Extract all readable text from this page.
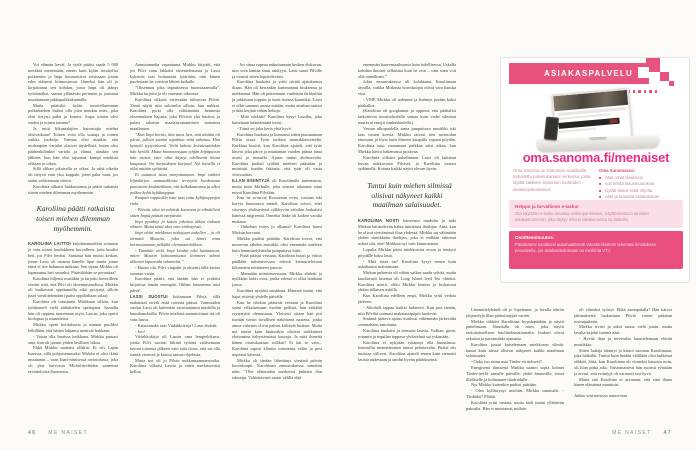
Voi elämän kevät. Ja vielä pitäisi saada 5 000 merkkiä menemään, ennen kuin kylän tavoitellut poikamies ja Impi huomaisivat toisissaan jotain edes etäisesti kiinnostavaa. Onneksi hän oli jo kirjoittanut sen kohdan, jossa Impi oli jäänyt työttömäksi, saanut yllättävän perinnön ja joutunut muuttamaan pikkupaikkakunnalle.

Mutta pitäisikö kylän tavoitelluimman poikamiehen lisäksi olla joku muukin mies, joka olisi tietysti pitkä ja komea. Jospa toinen olisi vaalea ja toinen tumma?

Ja mitä liikuntalajien harrastajia miehet olisivatkaan? Toinen voisi olla soutaja ja toinen vaikka juoksija. Varmaa olisi ainakin, että molempien vartalot olisivat täydellisiä, kuten olisi päähenkilönkin vartalo ja elämä, ainakin sen jälkeen, kun hän olisi tajunnut, kumpi miehistä olikaan se oikea.

Sillä olihan jokaisella se oikea. Ja niitä oikeita oli tietysti vain yksi kappale, joten paha vaan, jos sattui valitsemaan väärin.

Karoliina vilkaisi hääkuvaansa ja päätti ratkaista toisen miehen dilemman myöhemmin.

Karoliina päätti ratkaista toisen miehen dilemman myöhemmin.

KAROLIINA LAITTOI kirjoitusmusiikin soimaan ja vain toisen kuulokkeen korvalleen, jotta kuulisi heti, jos Pilvi heräisi. Samassa hän muisti keikan, jonne Lassi oli ostanut hänelle liput mutta jonne tämä ei itse halunnut mukaan. Sen sijaan Mirkku oli lupautunut heti seuraksi. Pitäisiköhän se peruuttaa?

Karoliina hiljensi musiikin ja kirjoitti kaverilleen viestin siitä, että Pilvi oli oksennustaudissa. Mirkku oli luultavasti oppitunnilla eikä pystynyt silloin juuri viestittelemään (paitsi oppilailtaan salaa).

Karoliina oli tutustunut Mirkkuun silloin, kun työskenteli vielä äidinkielen opettajana. Samalla hän oli oppinut tuntemaan myös Lassin, joka opetti biologiaa ja maantietoa.

Mirkku opetti kotitaloutta ja manasi puoliksi leikillään, että hänen lahjansa menivät hukkaan.

- Voisin olla Inarissa keikkana, Mirkku paasasi aina, kun oli juonut yhden lasillisen liikaa.

Ehkä Mirkku saattaisi ollakin. Ei siis Lapin Inarissa, sillä pohjoisemmaksi Mirkku ei olisi ikinä muuttanut – vaan Inari-nimisessä ravintolassa, joka oli yksi harvoista Michelin-tähden saaneista ravintoloista Suomessa.

Aamutunnelta vapautunut Mirkku kirjoitti, että jos Pilvi vaan lakkaisi oksentelemasta ja Lassi kykenisi taas hoitamaan tytärtään, niin hänen puolestaan he voisivat lähteä keikalle.

”Oksennan joka tapauksessa huomisaamulla”, Mirkku kirjoitti ja oli varmasti oikeassa.

Karoliina vilkaisi vieressään tuhisevaa Pilviä. Tämä näytti niin suloiselta silloin, kun nukkui. Karoliina pyrki olla välittämättä hennosta oksennuksen hajusta, joka Pilvistä yhä huokui, ja palasi takaisin maalaisromanttisen tarinansa maailmaan.

”Kun Impi heräsi, hän tunsi heti, että tänään oli päivä, jolloin saattoi tapahtua mitä tahansa. Hän hymyili tyytyväisenä. Vielä kahvia keittäessäänkin hän hyräili. Mutta huomatessaan tyhjän leipäpussin hän muisti, ettei ollut käynyt edellisenä iltana kaupassa. Voi kurjuuksien kurjuus! Nyt hänellä ei ollut mitään syötävää.

Ei auttanut istua murjottamaan. Impi vaihtoi liljankirjon aamutakkinsa terveyttä huokuvaan punaiseen kesämekkoon, otti kulkukaaransa ja alkoi polkea kohti kyläkauppaa.

Kaupan rappusilla istui taas tuttu kyläjuoppojen rinki.

- Päivää, ukot tervehtivät kuorossa ja silmäilivät sitten Impiä päästä varpaisiin.

Impi pysähtyi ja katsoi jokaista ukkoa tiukasti silmiin. Mutta tästä ukot vain virkistyivät.

Impi ohitti miekkoset niskojaan nakellen – ja oli törmätä Mauriin, joka sai hänet aina hermostumaan pelkällä olemassaolollaan.

- Tämäkin vielä, Impi kivahti eikä huomannut, miten Maurin kohtaamisesta iloinneet silmät alkoivat kipunoida salamoita.”

- Huono olo, Pilvi vingahti ja oksensi tällä kertaa suoraan vatiin.

Karoliina päätti, että tänään hän ei yrittäisi kirjoittaa tämän enempää. Olihan huomenna uusi päivä!

LASSI SUOSTUI hoitamaan Pilviä, sillä mahatauti oireili enää toisesta päästä. Varmuuden vuoksi Lassi oli kuitenkin varustautunut maskilla ja kumihanskoilla. Pilvin mielestä naamioitunut isä oli vain hassu.

- Katsotaanko taas Viidakkokirja? Lassi ehdotti.

- Joo!

Viidakkokirja oli Lassin oma lempielokuva, jonka Pilvi suostui kiltinä tyttönä valitsemaan kerran toisensa jälkeen vain siitä ilosta, että sai olla isänsä vieressä ja katsoa samaa ohjelmaa.

Mutta nyt oli jo Pilvin nukkumaanmenoaika. Karoliina vilkaisi Lassia ja sitten merkitsevästi kelloa.

- Jos sinua rupeaa nukuttamaan kesken elokuvan, niin voin kantaa sinut sänkyyn, Lassi sanoi Pilville ja virnisti sitten lepyttelevästi.

Karoliina huokaisi ja yritti siirtää ajatuksensa iltaan. Hän oli kerrankin kammannut hiuksensa ja meikannut. Hän oli pukeutunut vaaleisiin farkkuihin ja juhlavaan toppiin ja tunsi itsensä kauniiksi. Lassi ei ollut sanonut asusta mitään, mutta ainahan saattoi yrittää kerjätä vähän kehuja.

- Mitä tykkäät? Karoliina kysyi Lassilta, joka katsettaan kääntämättä totesi:

- Tämä on joka kerta yhtä hyvä.

Karoliina huokaisi ja kumartui sitten pussaamaan Pilvin otsaa. Tytär tuoksui mansikkavoiteelta. Kurkkua kuristi, kun Karoliina ajatteli, että tytär kasvoi joka päivä ja muutaman vuoden päästä tämä asuisi jo muualla. Ajatus tuntui ahdistavalta. Karoliina pudisti työläät mietteet päästään ja muistutti itseään faktasta, että tytär oli vasta viisivuotias.

ILLAN ESIINTYJÄ oli Karoliinalle tuntematon, mutta tuttu Mirkulle, joka seurasi aikaansa siinä missä Karoliina Pilviään.

Kun he avasivat Roostersin oven, vastaan iski korvia huumaava meteli. Karoliina toivoi, ettei väsymys yhdistettynä välkkyviin valoihin laukaisisi hänessä migreeniä. Onneksi lääke oli kaiken varalta mukana.

- Onkohan esitys jo alkanut? Karoliina huusi Mirkun korvaan.

Mirkku pudisti päätään. Karoliina toivoi, että nousevan tähden musiikki olisi enemmän mieleen kuin lämmittelybändin jumputtava biitti.

- Pitää päästä vessaan, Karoliina huusi ja viittoi päällään naistenvessan edessä kiemurtelevaan kilometrin mittaiseen jonoon.

- Mennään miestenvessaan, Mirkku ehdotti ja nyökkäsi kohti ovea, jonka edessä ei ollut lainkaan jonoa.

Karoliina nyrpisti nenäänsä. Hänestä tuntui, että hajut riittivät yhdelle päivälle.

Kun he vihdoin pääsivät vessaan ja Karoliina sattui vilkaisemaan itseään peilistä, hän säikähti ryytynyttä olemustaan. Yleisesti ottaen hän piti itseään varsin tavallisen näköisenä naisena, jonka ainoa vahvuus olivat paksut kiiltävät hiukset. Mutta nyt tuntui kuin hiuksetkin olisivat roikkuneet elottomina kehystämässä kasvoja. Ja mitä ihmettä hänen otsatukastaan roikkui? Ei kai se vain... Karoliina nipisti klöntin sormiensa väliin ja pesi nopeasti kätensä.

Mirkku oli tänään lähettänyt viestinä päivän horoskoopit. Karoliinan ennustuksessa sanottiin näin: ”Olet eläinradan merkeistä puhtain ilon edustaja. Valitettavasti saatat välillä elää

enemmän haavemaailmassa kuin todellisessa. Uskalla kohdata ihmiset sellaisina kuin he ovat – vain siten voit olla onnellinen.”

Jokin ennustuksessa oli kolahtanut Karoliinaan täysillä, vaikka Mirkusta horoskoopit olivat vain hauska vitsi.

- VMP, Mirkku oli todennut ja lisännyt perään kaksi pääkalloa.

(Karoliina oli googlannut ja oppinut, että pääkallot tarkoittivat nuorisokielellä samaa kuin vedet silmissä nauravat emojit vanhuskielellä.)

Vessan ulkopuolella sama jumputtava musiikki iski taas vasten korvia. Mirkku raivasi tien ravintolan etuosaan ja löysi kuin ihmeen kaupalla vapaan pöydän. Karoliina istui varaamaan paikkaa siksi aikaa, kun Mirkku kävisi hakemassa juotavaa.

Karoliina vilkaisi puhelintaan. Lassi oli laittanut kuvan nukkuvasta Pilvistä, ja Karoliina vastasi sydämellä. Kotona kaikki näytti olevan hyvin.

Tuntui kuin miehen silmissä olisivat näkyneet kaikki maailman salaisuudet.

KAROLIINA NOSTI katseensa ruudulta ja näki Mirkun hätistelevän kahta innokasta ihailijaa. Aina, kun he olivat viettämässä iltaa yhdessä, Mirkku sai vähintään yhden sinnikkään ihailijan, joka ei millään tahtonut uskoa sitä, ettei Mirkkua nyt vain kiinnostanut.

Lopulta Mirkku pääsi miekkosista eroon ja tönäytti pöydälle kaksi lasia.

- Mitä tässä on? Karoliina kysyi ennen kuin uskaltautui maistamaan.

Mirkun puheesta oli vähän vaikea saada selvää, mutta kuultavasti laseissa oli Long Island Iced Tea -drinkit. Karoliina mietti, oliko Mirkku kenties jo kiskaissut yhden tällaisen tiskillä.

Kun Karoliina edelleen empi, Mirkku yritti vedota järkeen:

- Alkoholi tappaa kaikki bakteerit. Kun juot tämän, niin Pilviltä saamasi mahatautipöpöt kuolevat.

Sinänsä järkevä ajatus kuulosti vähemmän järkevältä sammaltaen sanottuna.

Karoliina huokaisi ja siemaisi lasista. Vodkan, ginin, rommin ja tequilan tappava yhdistelmä sai yskimään.

Karoliina ei nykyään tykännyt olla humalassa: kontrollin menettäminen tuntui pelottavalta. Pitäisi siis muistaa välivesi, Karoliina ajatteli ennen kuin siemaisi lasista uudestaan ja unohti hyvän päätöksensä.

Lämmittelybändi oli jo lopettanut, ja lavalla tehtiin järjestelyjä illan pääesiintyjää varten.

Mirkku tökkäsi Karoliinaa kyynärpäähän ja näytti puhelintaan. Ruudulla oli mies, joka näytti tarkoituksellisen huolittelemattomalta: hiukset olivat sekaisin ja parransänki ajamatta.

Karoliina joutui katselemaan miekkosen silmiä: tuntui kuin niissä olisivat näkyneet kaikki maailman salaisuudet.

- Onko tuo sinun uusi Tinder-virityksesi?

Energisenä ihmisenä Mirkku saattoi sopia kolmet Tinder-treffit samalle päivälle: yhdet brunssille, toiset illalliselle ja kolmannet iltadrinkille.

Nyt Mirkku kuitenkin pudisti päätään.

- Olen kyllästynyt miehiin, Mirkku sammalsi. - Tiedätkö? Pliääh.

Karoliina yritti vastata, mutta kieli tuntui yllättävän paksulta. Hän ei muistanut, milloin

oli viimeksi syönyt. Ehkä aamupalalla? Hän kaivoi jättimäisestä laukustaan Pilviä varten pakatun rusinapaketin.

Mirkku irvisti ja aikoi sanoa vielä jotain, mutta lavalta kajahti tumma ääni:

- Hyvää iltaa ja tervetuloa kuuntelemaan elävää musiikkia.

Sitten laulaja kääntyi ja katsoi suoraan Karoliinaan, joka häikähti. Tuntui kuin heidän välillään olisi kulkenut sähköä. Siitä, kun Karoliinaa oli viimeksi katsottu noin, oli liian pitkä aika. Vaistomaisesti hän suoristi ryhtiään ja arvasi, että esiintyjä oli varmasti tosi hyvä.

Mutta sitä Karoliina ei arvannut, että sinä iltana hänen elämänsä muuttuisi.

Jatkuu seuraavassa numerossa

ASIAKASPALVELU
oma.sanoma.fi/menaiset
Oma Sanoma on Sanoman asiakkaille tarkoitettu palvelukanava verkossa, josta löydät kaikkien Sanoman tuotteiden asiakaspalvelusivut.
Oma Sanomassa:
■ näet omat tilauksesi
■ voit tehdä tilausmuutoksia
■ löydät tietoa sekä ohjeita
■ näet ja lunastat asiakasetusi
Helppo ja turvallinen e-lasku!
Ota käyttöön e-lasku omassa verkkopankissasi. Käyttöönottoon tarvitset asiakasnumeron, joka löytyy lehtesi takakannesta tai laskulta.
Osoitteenmuutos:
Päivitämme osoitteesi automaattisesti Väestörekisterin tekemäsi ilmoituksen perusteella, jos asiakastiedoissasi on merkintä VTJ.
46 ME NAISET	ME NAISET 47
